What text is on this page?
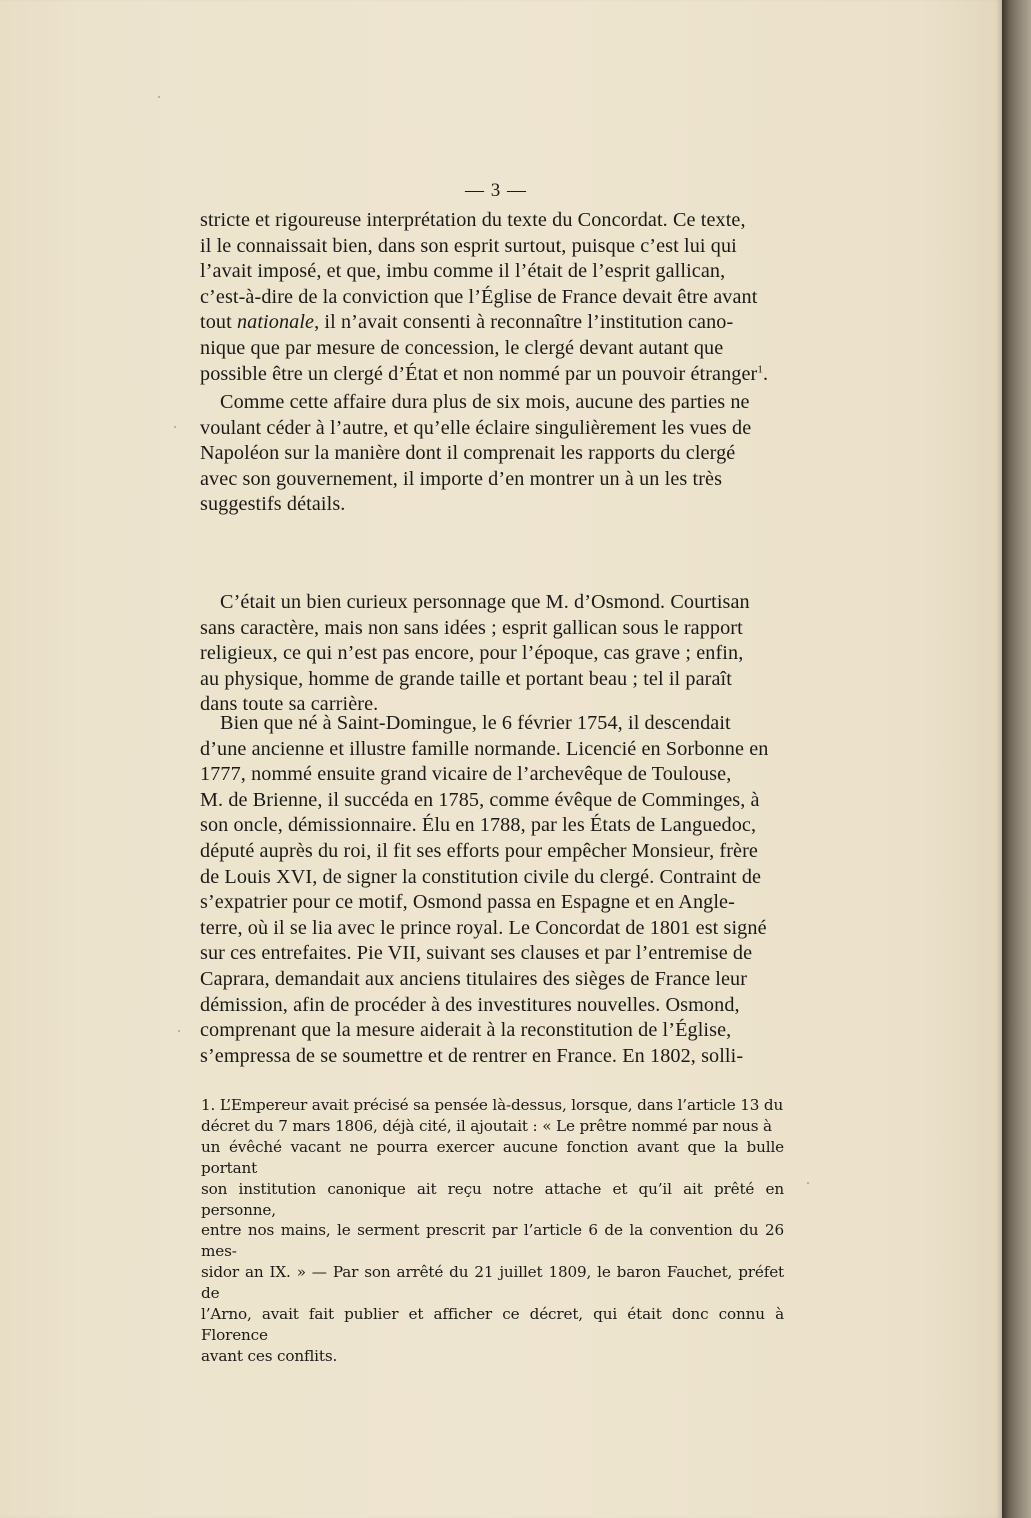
— 3 —

stricte et rigoureuse interprétation du texte du Concordat. Ce texte,
il le connaissait bien, dans son esprit surtout, puisque c’est lui qui
l’avait imposé, et que, imbu comme il l’était de l’esprit gallican,
c’est-à-dire de la conviction que l’Église de France devait être avant
tout nationale, il n’avait consenti à reconnaître l’institution cano-
nique que par mesure de concession, le clergé devant autant que
possible être un clergé d’État et non nommé par un pouvoir étranger$^1$.

Comme cette affaire dura plus de six mois, aucune des parties ne
voulant céder à l’autre, et qu’elle éclaire singulièrement les vues de
Napoléon sur la manière dont il comprenait les rapports du clergé
avec son gouvernement, il importe d’en montrer un à un les très
suggestifs détails.

C’était un bien curieux personnage que M. d’Osmond. Courtisan
sans caractère, mais non sans idées ; esprit gallican sous le rapport
religieux, ce qui n’est pas encore, pour l’époque, cas grave ; enfin,
au physique, homme de grande taille et portant beau ; tel il paraît
dans toute sa carrière.

Bien que né à Saint-Domingue, le 6 février 1754, il descendait
d’une ancienne et illustre famille normande. Licencié en Sorbonne en
1777, nommé ensuite grand vicaire de l’archevêque de Toulouse,
M. de Brienne, il succéda en 1785, comme évêque de Comminges, à
son oncle, démissionnaire. Élu en 1788, par les États de Languedoc,
député auprès du roi, il fit ses efforts pour empêcher Monsieur, frère
de Louis XVI, de signer la constitution civile du clergé. Contraint de
s’expatrier pour ce motif, Osmond passa en Espagne et en Angle-
terre, où il se lia avec le prince royal. Le Concordat de 1801 est signé
sur ces entrefaites. Pie VII, suivant ses clauses et par l’entremise de
Caprara, demandait aux anciens titulaires des sièges de France leur
démission, afin de procéder à des investitures nouvelles. Osmond,
comprenant que la mesure aiderait à la reconstitution de l’Église,
s’empressa de se soumettre et de rentrer en France. En 1802, solli-

1. L’Empereur avait précisé sa pensée là-dessus, lorsque, dans l’article 13 du
décret du 7 mars 1806, déjà cité, il ajoutait : « Le prêtre nommé par nous à
un évêché vacant ne pourra exercer aucune fonction avant que la bulle portant
son institution canonique ait reçu notre attache et qu’il ait prêté en personne,
entre nos mains, le serment prescrit par l’article 6 de la convention du 26 mes-
sidor an IX. » — Par son arrêté du 21 juillet 1809, le baron Fauchet, préfet de
l’Arno, avait fait publier et afficher ce décret, qui était donc connu à Florence
avant ces conflits.
